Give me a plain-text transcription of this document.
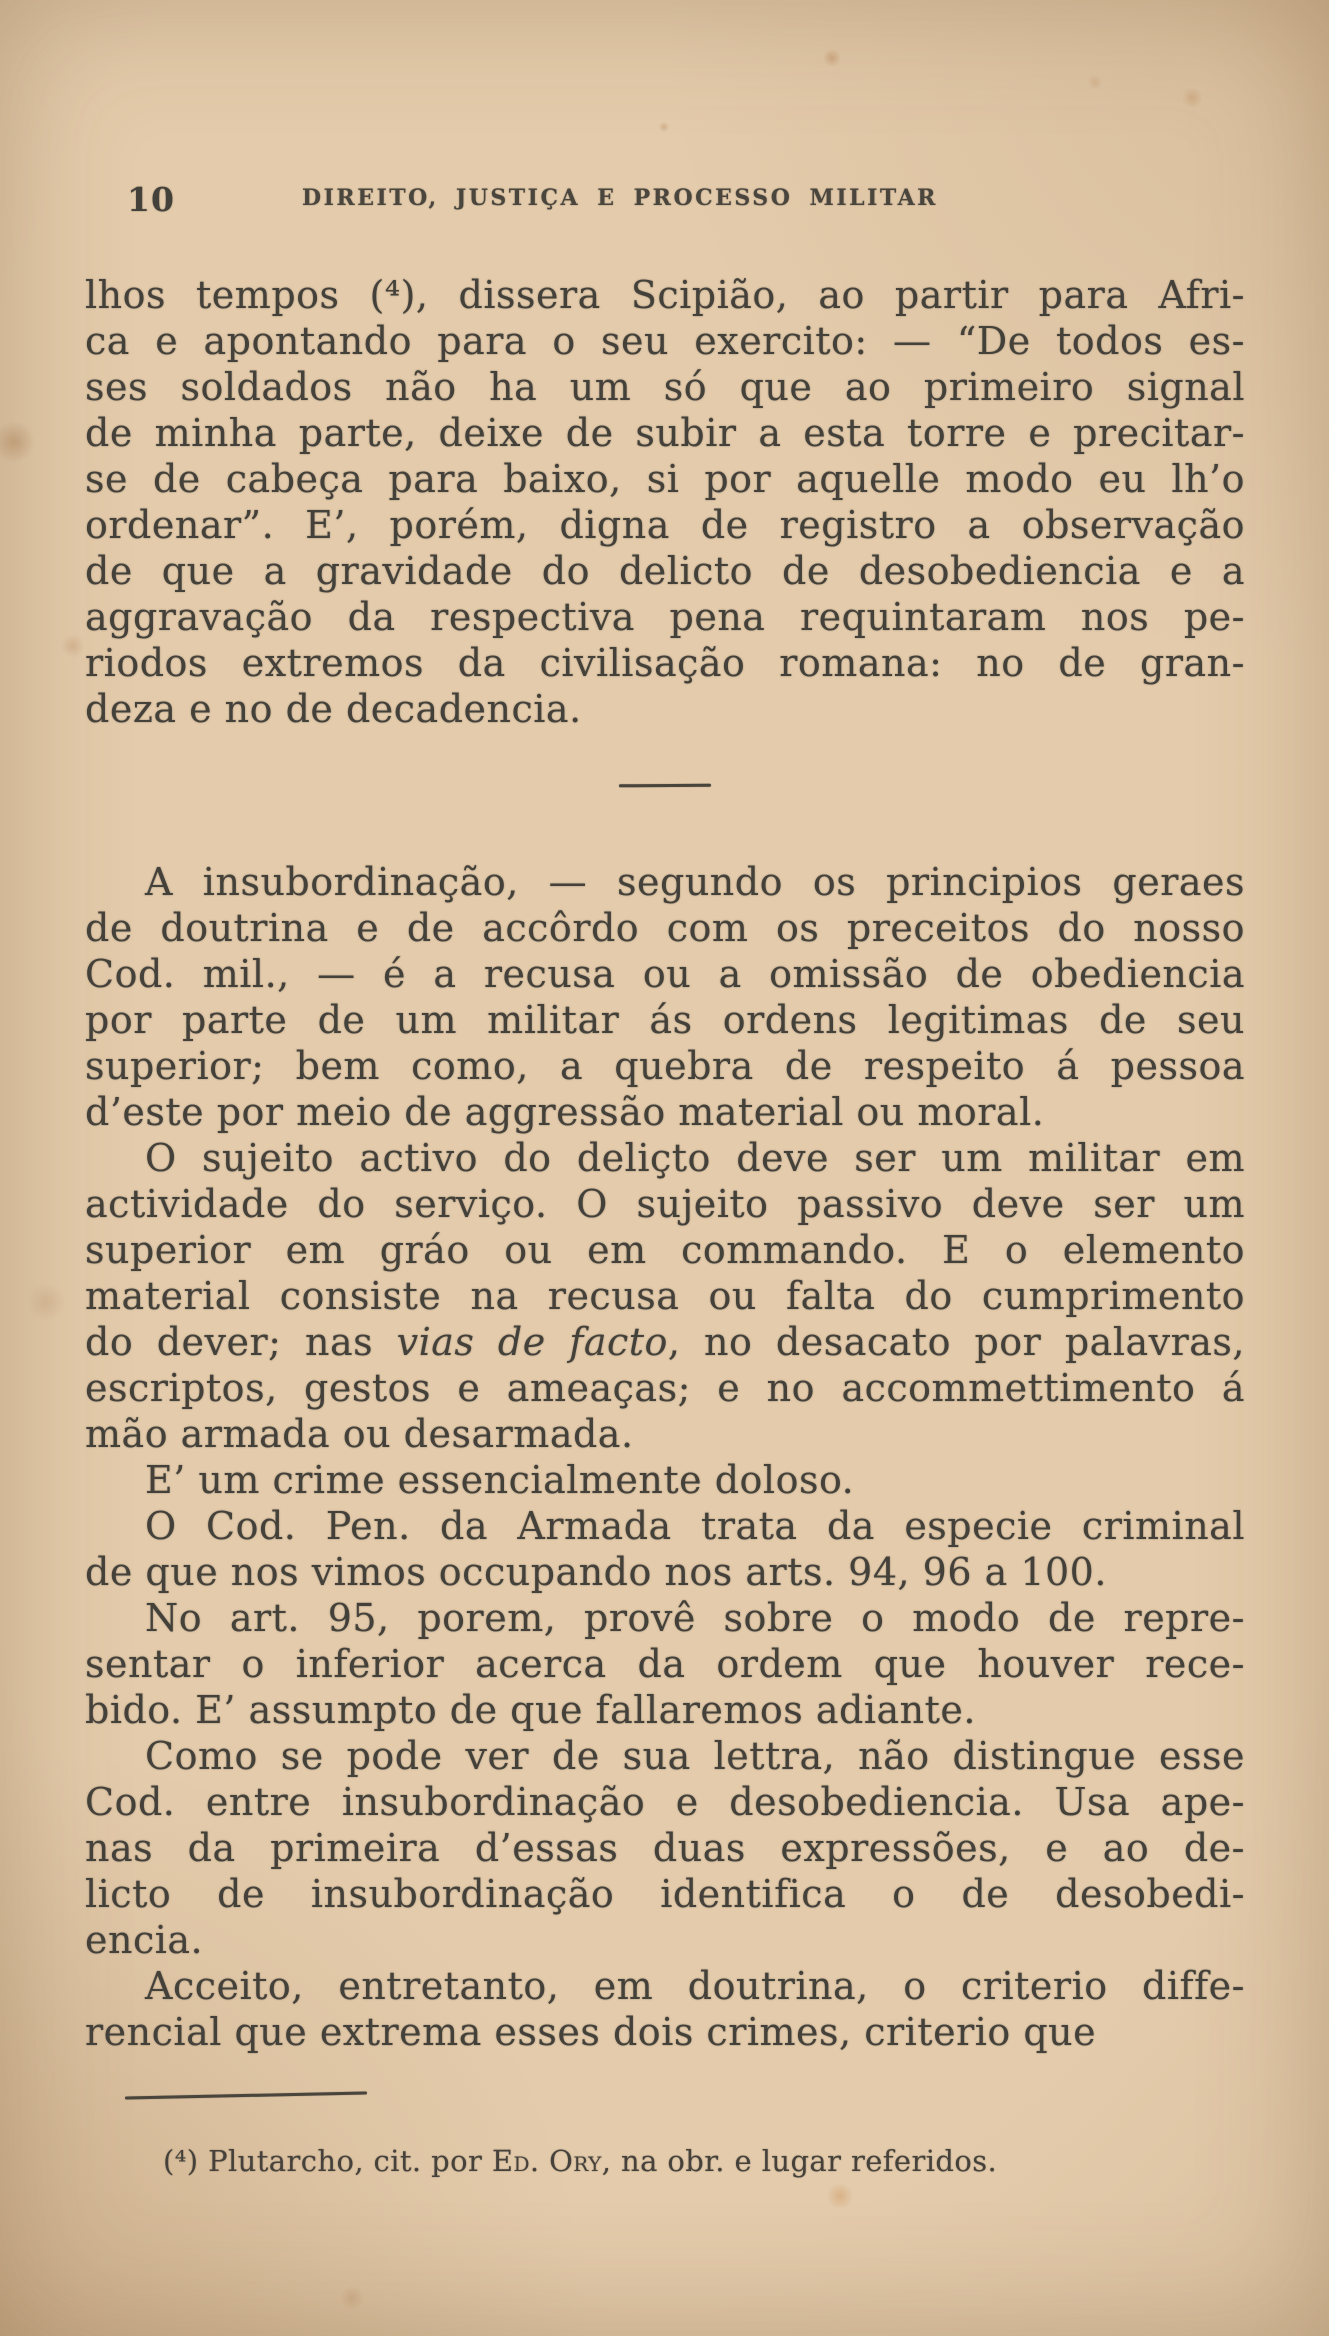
10	DIREITO, JUSTIÇA E PROCESSO MILITAR
lhos tempos (⁴), dissera Scipião, ao partir para Afri-
ca e apontando para o seu exercito: — “De todos es-
ses soldados não ha um só que ao primeiro signal
de minha parte, deixe de subir a esta torre e precitar-
se de cabeça para baixo, si por aquelle modo eu lh’o
ordenar”. E’, porém, digna de registro a observação
de que a gravidade do delicto de desobediencia e a
aggravação da respectiva pena requintaram nos pe-
riodos extremos da civilisação romana: no de gran-
deza e no de decadencia.
A insubordinação, — segundo os principios geraes
de doutrina e de accôrdo com os preceitos do nosso
Cod. mil., — é a recusa ou a omissão de obediencia
por parte de um militar ás ordens legitimas de seu
superior; bem como, a quebra de respeito á pessoa
d’este por meio de aggressão material ou moral.
O sujeito activo do deliçto deve ser um militar em
actividade do serviço. O sujeito passivo deve ser um
superior em gráo ou em commando. E o elemento
material consiste na recusa ou falta do cumprimento
do dever; nas vias de facto, no desacato por palavras,
escriptos, gestos e ameaças; e no accommettimento á
mão armada ou desarmada.
E’ um crime essencialmente doloso.
O Cod. Pen. da Armada trata da especie criminal
de que nos vimos occupando nos arts. 94, 96 a 100.
No art. 95, porem, provê sobre o modo de repre-
sentar o inferior acerca da ordem que houver rece-
bido. E’ assumpto de que fallaremos adiante.
Como se pode ver de sua lettra, não distingue esse
Cod. entre insubordinação e desobediencia. Usa ape-
nas da primeira d’essas duas expressões, e ao de-
licto de insubordinação identifica o de desobedi-
encia.
Acceito, entretanto, em doutrina, o criterio diffe-
rencial que extrema esses dois crimes, criterio que

(⁴) Plutarcho, cit. por Ed. Ory, na obr. e lugar referidos.
